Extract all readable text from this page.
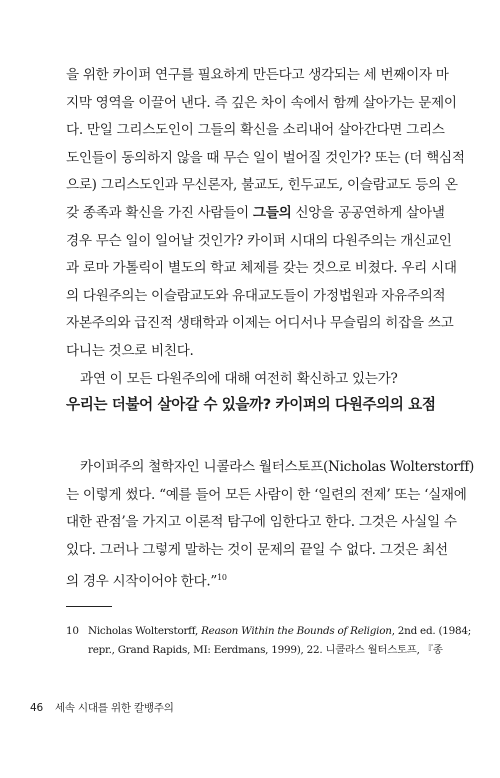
을 위한 카이퍼 연구를 필요하게 만든다고 생각되는 세 번째이자 마
지막 영역을 이끌어 낸다. 즉 깊은 차이 속에서 함께 살아가는 문제이
다. 만일 그리스도인이 그들의 확신을 소리내어 살아간다면 그리스
도인들이 동의하지 않을 때 무슨 일이 벌어질 것인가? 또는 (더 핵심적
으로) 그리스도인과 무신론자, 불교도, 힌두교도, 이슬람교도 등의 온
갖 종족과 확신을 가진 사람들이 그들의 신앙을 공공연하게 살아낼
경우 무슨 일이 일어날 것인가? 카이퍼 시대의 다원주의는 개신교인
과 로마 가톨릭이 별도의 학교 체제를 갖는 것으로 비쳤다. 우리 시대
의 다원주의는 이슬람교도와 유대교도들이 가정법원과 자유주의적
자본주의와 급진적 생태학과 이제는 어디서나 무슬림의 히잡을 쓰고
다니는 것으로 비친다.
과연 이 모든 다원주의에 대해 여전히 확신하고 있는가?
우리는 더불어 살아갈 수 있을까? 카이퍼의 다원주의의 요점
카이퍼주의 철학자인 니콜라스 월터스토프(Nicholas Wolterstorff)
는 이렇게 썼다. “예를 들어 모든 사람이 한 ‘일련의 전제’ 또는 ‘실재에
대한 관점’을 가지고 이론적 탐구에 임한다고 한다. 그것은 사실일 수
있다. 그러나 그렇게 말하는 것이 문제의 끝일 수 없다. 그것은 최선
의 경우 시작이어야 한다.”$^{10}$
10 Nicholas Wolterstorff, Reason Within the Bounds of Religion, 2nd ed. (1984;
repr., Grand Rapids, MI: Eerdmans, 1999), 22. 니콜라스 월터스토프, 『종
46 세속 시대를 위한 칼뱅주의
